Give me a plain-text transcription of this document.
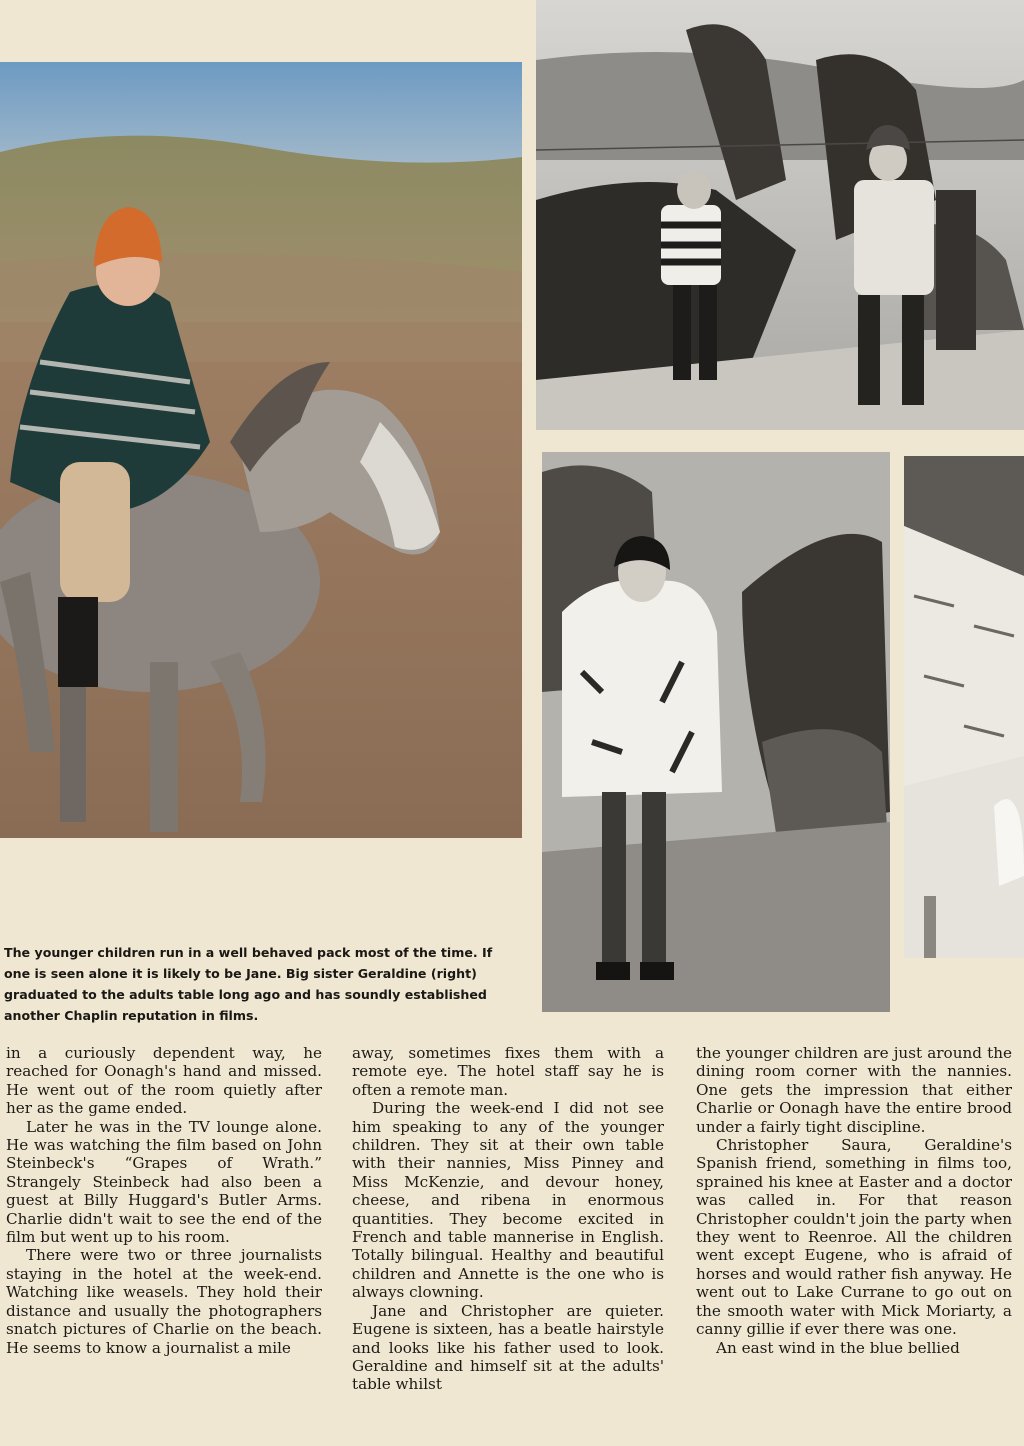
The younger children run in a well behaved pack most of the time. If one is seen alone it is likely to be Jane. Big sister Geraldine (right) graduated to the adults table long ago and has soundly established another Chaplin reputation in films.

in a curiously dependent way, he reached for Oonagh's hand and missed. He went out of the room quietly after her as the game ended.

Later he was in the TV lounge alone. He was watching the film based on John Steinbeck's “Grapes of Wrath.” Strangely Steinbeck had also been a guest at Billy Huggard's Butler Arms. Charlie didn't wait to see the end of the film but went up to his room.

There were two or three journalists staying in the hotel at the week-end. Watching like weasels. They hold their distance and usually the photographers snatch pictures of Charlie on the beach. He seems to know a journalist a mile

away, sometimes fixes them with a remote eye. The hotel staff say he is often a remote man.

During the week-end I did not see him speaking to any of the younger children. They sit at their own table with their nannies, Miss Pinney and Miss McKenzie, and devour honey, cheese, and ribena in enormous quantities. They become excited in French and table mannerise in English. Totally bilingual. Healthy and beautiful children and Annette is the one who is always clowning.

Jane and Christopher are quieter. Eugene is sixteen, has a beatle hairstyle and looks like his father used to look. Geraldine and himself sit at the adults' table whilst

the younger children are just around the dining room corner with the nannies. One gets the impression that either Charlie or Oonagh have the entire brood under a fairly tight discipline.

Christopher Saura, Geraldine's Spanish friend, something in films too, sprained his knee at Easter and a doctor was called in. For that reason Christopher couldn't join the party when they went to Reenroe. All the children went except Eugene, who is afraid of horses and would rather fish anyway. He went out to Lake Currane to go out on the smooth water with Mick Moriarty, a canny gillie if ever there was one.

An east wind in the blue bellied
